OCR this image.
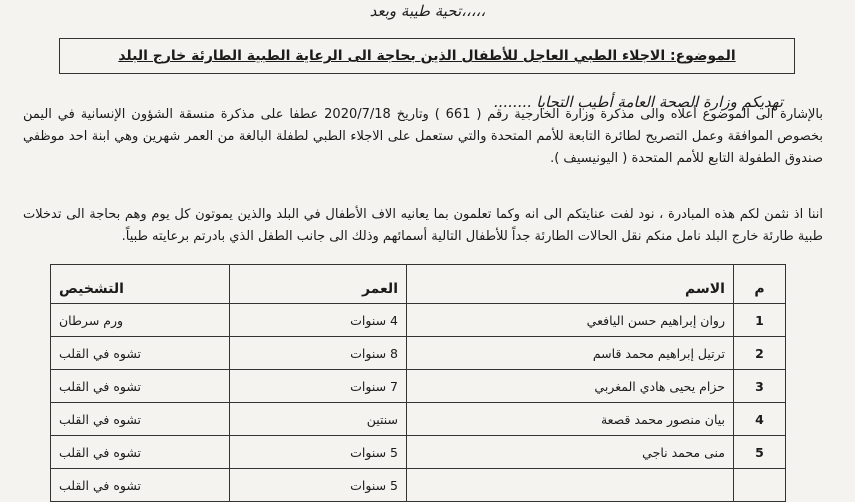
تحية طيبة وبعد،،،،،
الموضوع: الاجلاء الطبي العاجل للأطفال الذين بحاجة الى الرعاية الطبية الطارئة خارج البلد
تهديكم وزارة الصحة العامة أطيب التحايا ........

بالإشارة الى الموضوع أعلاه والى مذكرة وزارة الخارجية رقم ( 661 ) وتاريخ 2020/7/18 عطفا على مذكرة منسقة الشؤون الإنسانية في اليمن بخصوص الموافقة وعمل التصريح لطائرة التابعة للأمم المتحدة والتي ستعمل على الاجلاء الطبي لطفلة البالغة من العمر شهرين وهي ابنة احد موظفي صندوق الطفولة التابع للأمم المتحدة ( اليونيسيف ).

اننا اذ نثمن لكم هذه المبادرة ، نود لفت عنايتكم الى انه وكما تعلمون بما يعانيه الاف الأطفال في البلد والذين يموتون كل يوم وهم بحاجة الى تدخلات طبية طارئة خارج البلد نامل منكم نقل الحالات الطارئة جداً للأطفال التالية أسمائهم وذلك الى جانب الطفل الذي بادرتم برعايته طبياً.

م	الاسم	العمر	التشخيص
1	روان إبراهيم حسن اليافعي	4 سنوات	ورم سرطان
2	ترتيل إبراهيم محمد قاسم	8 سنوات	تشوه في القلب
3	حزام يحيى هادي المغربي	7 سنوات	تشوه في القلب
4	بيان منصور محمد قصعة	سنتين	تشوه في القلب
5	منى محمد ناجي	5 سنوات	تشوه في القلب
		5 سنوات	تشوه في القلب
